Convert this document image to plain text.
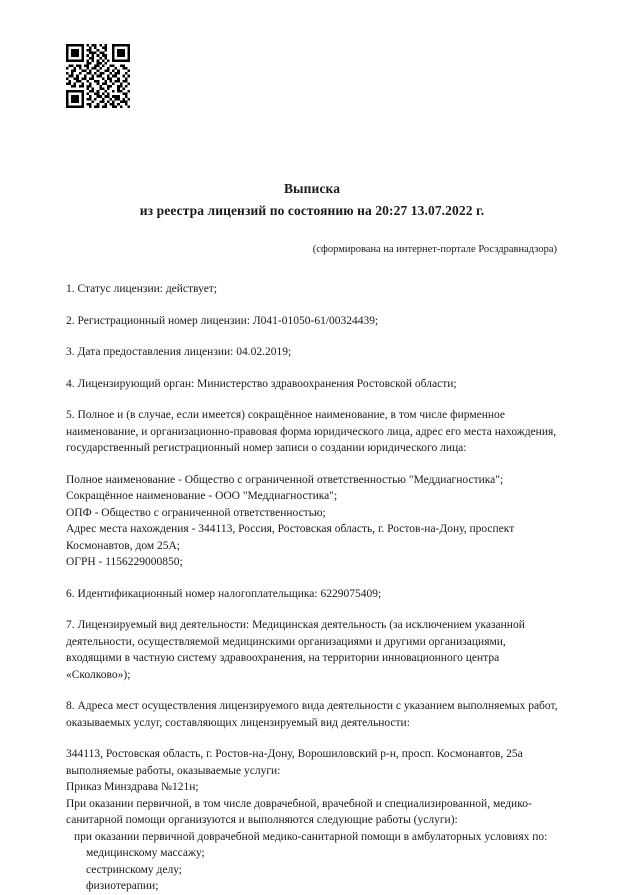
Выписка
из реестра лицензий по состоянию на 20:27 13.07.2022 г.
(сформирована на интернет-портале Росздравнадзора)

1. Статус лицензии: действует;

2. Регистрационный номер лицензии: Л041-01050-61/00324439;

3. Дата предоставления лицензии: 04.02.2019;

4. Лицензирующий орган: Министерство здравоохранения Ростовской области;

5. Полное и (в случае, если имеется) сокращённое наименование, в том числе фирменное наименование, и организационно-правовая форма юридического лица, адрес его места нахождения, государственный регистрационный номер записи о создании юридического лица:

Полное наименование - Общество с ограниченной ответственностью "Меддиагностика";
Сокращённое наименование - ООО "Меддиагностика";
ОПФ - Общество с ограниченной ответственностью;
Адрес места нахождения - 344113, Россия, Ростовская область, г. Ростов-на-Дону, проспект Космонавтов, дом 25А;
ОГРН - 1156229000850;

6. Идентификационный номер налогоплательщика: 6229075409;

7. Лицензируемый вид деятельности: Медицинская деятельность (за исключением указанной деятельности, осуществляемой медицинскими организациями и другими организациями, входящими в частную систему здравоохранения, на территории инновационного центра «Сколково»);

8. Адреса мест осуществления лицензируемого вида деятельности с указанием выполняемых работ, оказываемых услуг, составляющих лицензируемый вид деятельности:

344113, Ростовская область, г. Ростов-на-Дону, Ворошиловский р-н, просп. Космонавтов, 25а
выполняемые работы, оказываемые услуги:
Приказ Минздрава №121н;
При оказании первичной, в том числе доврачебной, врачебной и специализированной, медико-санитарной помощи организуются и выполняются следующие работы (услуги):
при оказании первичной доврачебной медико-санитарной помощи в амбулаторных условиях по:
медицинскому массажу;
сестринскому делу;
физиотерапии;
